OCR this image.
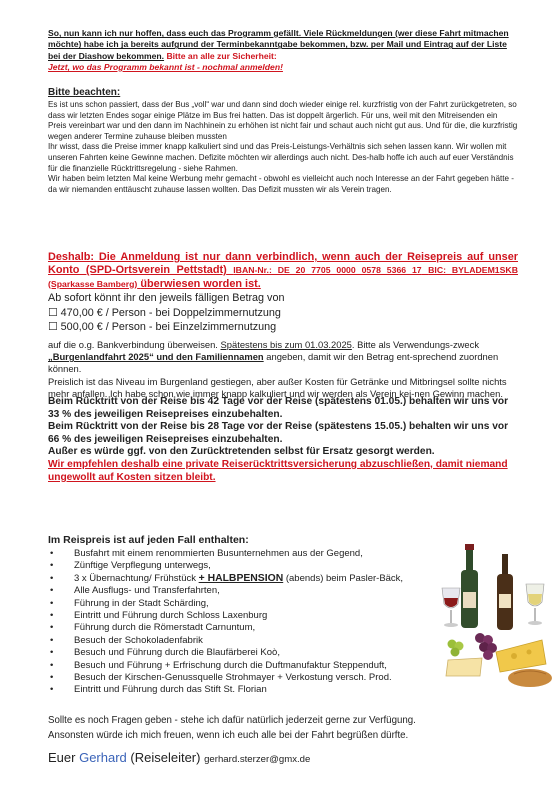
So, nun kann ich nur hoffen, dass euch das Programm gefällt. Viele Rückmeldungen (wer diese Fahrt mitmachen möchte) habe ich ja bereits aufgrund der Terminbekanntgabe bekommen, bzw. per Mail und Eintrag auf der Liste bei der Diashow bekommen. Bitte an alle zur Sicherheit:
Jetzt, wo das Programm bekannt ist - nochmal anmelden!

Bitte beachten:

Es ist uns schon passiert, dass der Bus „voll“ war und dann sind doch wieder einige rel. kurzfristig von der Fahrt zurückgetreten, so dass wir letzten Endes sogar einige Plätze im Bus frei hatten. Das ist doppelt ärgerlich. Für uns, weil mit den Mitreisenden ein Preis vereinbart war und den dann im Nachhinein zu erhöhen ist nicht fair und schaut auch nicht gut aus. Und für die, die kurzfristig wegen anderer Termine zuhause bleiben mussten

Ihr wisst, dass die Preise immer knapp kalkuliert sind und das Preis-Leistungs-Verhältnis sich sehen lassen kann. Wir wollen mit unseren Fahrten keine Gewinne machen. Defizite möchten wir allerdings auch nicht. Des-halb hoffe ich auch auf euer Verständnis für die finanzielle Rücktrittsregelung - siehe Rahmen.

Wir haben beim letzten Mal keine Werbung mehr gemacht - obwohl es vielleicht auch noch Interesse an der Fahrt gegeben hätte - da wir niemanden enttäuscht zuhause lassen wollten. Das Defizit mussten wir als Verein tragen.

Deshalb: Die Anmeldung ist nur dann verbindlich, wenn auch der Reisepreis auf unser Konto (SPD-Ortsverein Pettstadt) IBAN-Nr.: DE 20 7705 0000 0578 5366 17 BIC: BYLADEM1SKB (Sparkasse Bamberg) überwiesen worden ist.

Ab sofort könnt ihr den jeweils fälligen Betrag von

☐ 470,00 € / Person - bei Doppelzimmernutzung

☐ 500,00 € / Person - bei Einzelzimmernutzung

auf die o.g. Bankverbindung überweisen. Spätestens bis zum 01.03.2025. Bitte als Verwendungs-zweck „Burgenlandfahrt 2025“ und den Familiennamen angeben, damit wir den Betrag ent-sprechend zuordnen können.

Preislich ist das Niveau im Burgenland gestiegen, aber außer Kosten für Getränke und Mitbringsel sollte nichts mehr anfallen. Ich habe schon wie immer knapp kalkuliert und wir werden als Verein kei-nen Gewinn machen.

Beim Rücktritt von der Reise bis 42 Tage vor der Reise (spätestens 01.05.) behalten wir uns vor 33 % des jeweiligen Reisepreises einzubehalten.

Beim Rücktritt von der Reise bis 28 Tage vor der Reise (spätestens 15.05.) behalten wir uns vor 66 % des jeweiligen Reisepreises einzubehalten.

Außer es würde ggf. von den Zurücktretenden selbst für Ersatz gesorgt werden.

Wir empfehlen deshalb eine private Reiserücktrittsversicherung abzuschließen, damit niemand ungewollt auf Kosten sitzen bleibt.

Im Reispreis ist auf jeden Fall enthalten:

• Busfahrt mit einem renommierten Busunternehmen aus der Gegend,
• Zünftige Verpflegung unterwegs,
• 3 x Übernachtung/ Frühstück + HALBPENSION (abends) beim Pasler-Bäck,
• Alle Ausflugs- und Transferfahrten,
• Führung in der Stadt Schärding,
• Eintritt und Führung durch Schloss Laxenburg
• Führung durch die Römerstadt Carnuntum,
• Besuch der Schokoladenfabrik
• Besuch und Führung durch die Blaufärberei Koò,
• Besuch und Führung + Erfrischung durch die Duftmanufaktur Steppenduft,
• Besuch der Kirschen-Genussquelle Strohmayer + Verkostung versch. Prod.
• Eintritt und Führung durch das Stift St. Florian

Sollte es noch Fragen geben - stehe ich dafür natürlich jederzeit gerne zur Verfügung.

Ansonsten würde ich mich freuen, wenn ich euch alle bei der Fahrt begrüßen dürfte.

Euer Gerhard (Reiseleiter) gerhard.sterzer@gmx.de
